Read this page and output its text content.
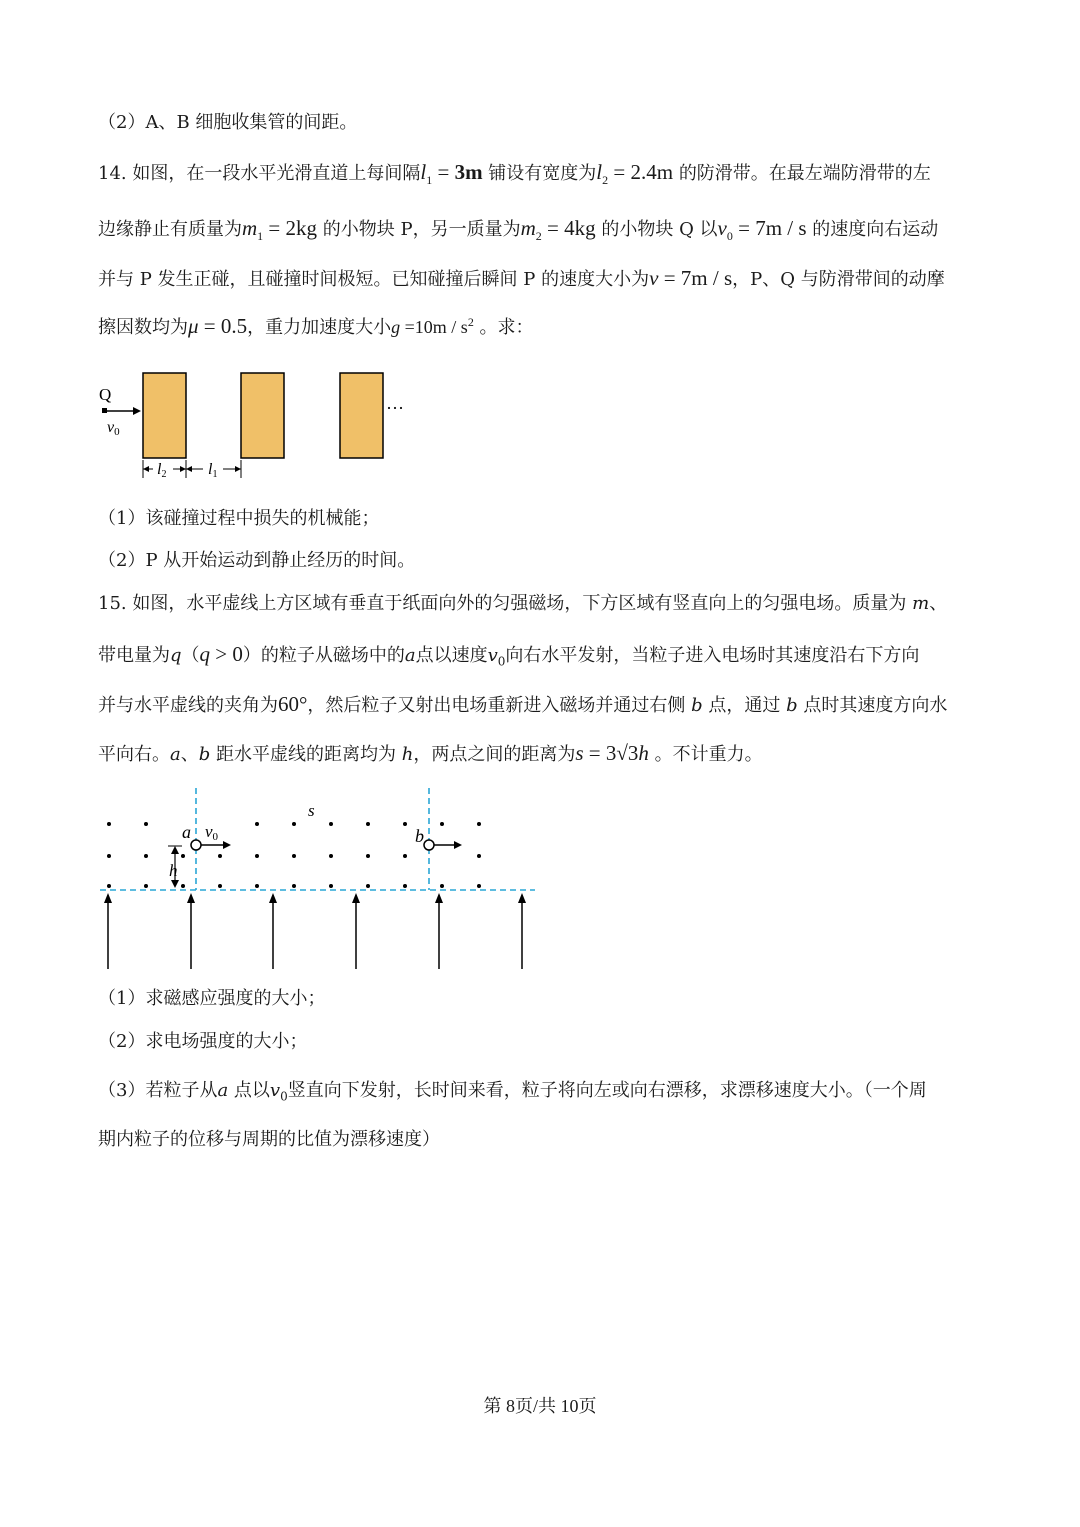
（2）A、B 细胞收集管的间距。
14. 如图，在一段水平光滑直道上每间隔$l_1 = 3m$ 铺设有宽度为$l_2 = 2.4m$ 的防滑带。在最左端防滑带的左
边缘静止有质量为$m_1 = 2kg$ 的小物块 P，另一质量为$m_2 = 4kg$ 的小物块 Q 以$v_0 = 7m / s$ 的速度向右运动
并与 P 发生正碰，且碰撞时间极短。已知碰撞后瞬间 P 的速度大小为v = 7m / s，P、Q 与防滑带间的动摩
擦因数均为μ = 0.5，重力加速度大小$g =10m / s^2$ 。求：
Q
v0
···
l2	l1
（1）该碰撞过程中损失的机械能；
（2）P 从开始运动到静止经历的时间。
15. 如图，水平虚线上方区域有垂直于纸面向外的匀强磁场，下方区域有竖直向上的匀强电场。质量为 m、
带电量为q（q > 0）的粒子从磁场中的a点以速度$v_0$向右水平发射，当粒子进入电场时其速度沿右下方向
并与水平虚线的夹角为60°，然后粒子又射出电场重新进入磁场并通过右侧 b 点，通过 b 点时其速度方向水
平向右。a、b 距水平虚线的距离均为 h，两点之间的距离为s = 3√3h 。不计重力。
s
a v0	b
h
（1）求磁感应强度的大小；
（2）求电场强度的大小；
（3）若粒子从a 点以$v_0$竖直向下发射，长时间来看，粒子将向左或向右漂移，求漂移速度大小。（一个周
期内粒子的位移与周期的比值为漂移速度）
第 8页/共 10页
